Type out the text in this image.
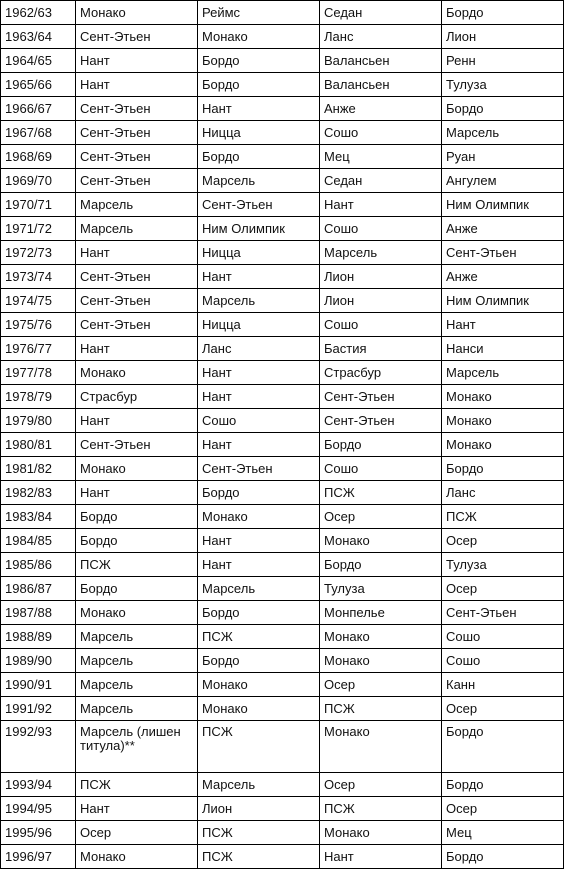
1962/63	Монако	Реймс	Седан	Бордо
1963/64	Сент-Этьен	Монако	Ланс	Лион
1964/65	Нант	Бордо	Валансьен	Ренн
1965/66	Нант	Бордо	Валансьен	Тулуза
1966/67	Сент-Этьен	Нант	Анже	Бордо
1967/68	Сент-Этьен	Ницца	Сошо	Марсель
1968/69	Сент-Этьен	Бордо	Мец	Руан
1969/70	Сент-Этьен	Марсель	Седан	Ангулем
1970/71	Марсель	Сент-Этьен	Нант	Ним Олимпик
1971/72	Марсель	Ним Олимпик	Сошо	Анже
1972/73	Нант	Ницца	Марсель	Сент-Этьен
1973/74	Сент-Этьен	Нант	Лион	Анже
1974/75	Сент-Этьен	Марсель	Лион	Ним Олимпик
1975/76	Сент-Этьен	Ницца	Сошо	Нант
1976/77	Нант	Ланс	Бастия	Нанси
1977/78	Монако	Нант	Страсбур	Марсель
1978/79	Страсбур	Нант	Сент-Этьен	Монако
1979/80	Нант	Сошо	Сент-Этьен	Монако
1980/81	Сент-Этьен	Нант	Бордо	Монако
1981/82	Монако	Сент-Этьен	Сошо	Бордо
1982/83	Нант	Бордо	ПСЖ	Ланс
1983/84	Бордо	Монако	Осер	ПСЖ
1984/85	Бордо	Нант	Монако	Осер
1985/86	ПСЖ	Нант	Бордо	Тулуза
1986/87	Бордо	Марсель	Тулуза	Осер
1987/88	Монако	Бордо	Монпелье	Сент-Этьен
1988/89	Марсель	ПСЖ	Монако	Сошо
1989/90	Марсель	Бордо	Монако	Сошо
1990/91	Марсель	Монако	Осер	Канн
1991/92	Марсель	Монако	ПСЖ	Осер
1992/93	Марсель (лишен титула)**	ПСЖ	Монако	Бордо
1993/94	ПСЖ	Марсель	Осер	Бордо
1994/95	Нант	Лион	ПСЖ	Осер
1995/96	Осер	ПСЖ	Монако	Мец
1996/97	Монако	ПСЖ	Нант	Бордо
